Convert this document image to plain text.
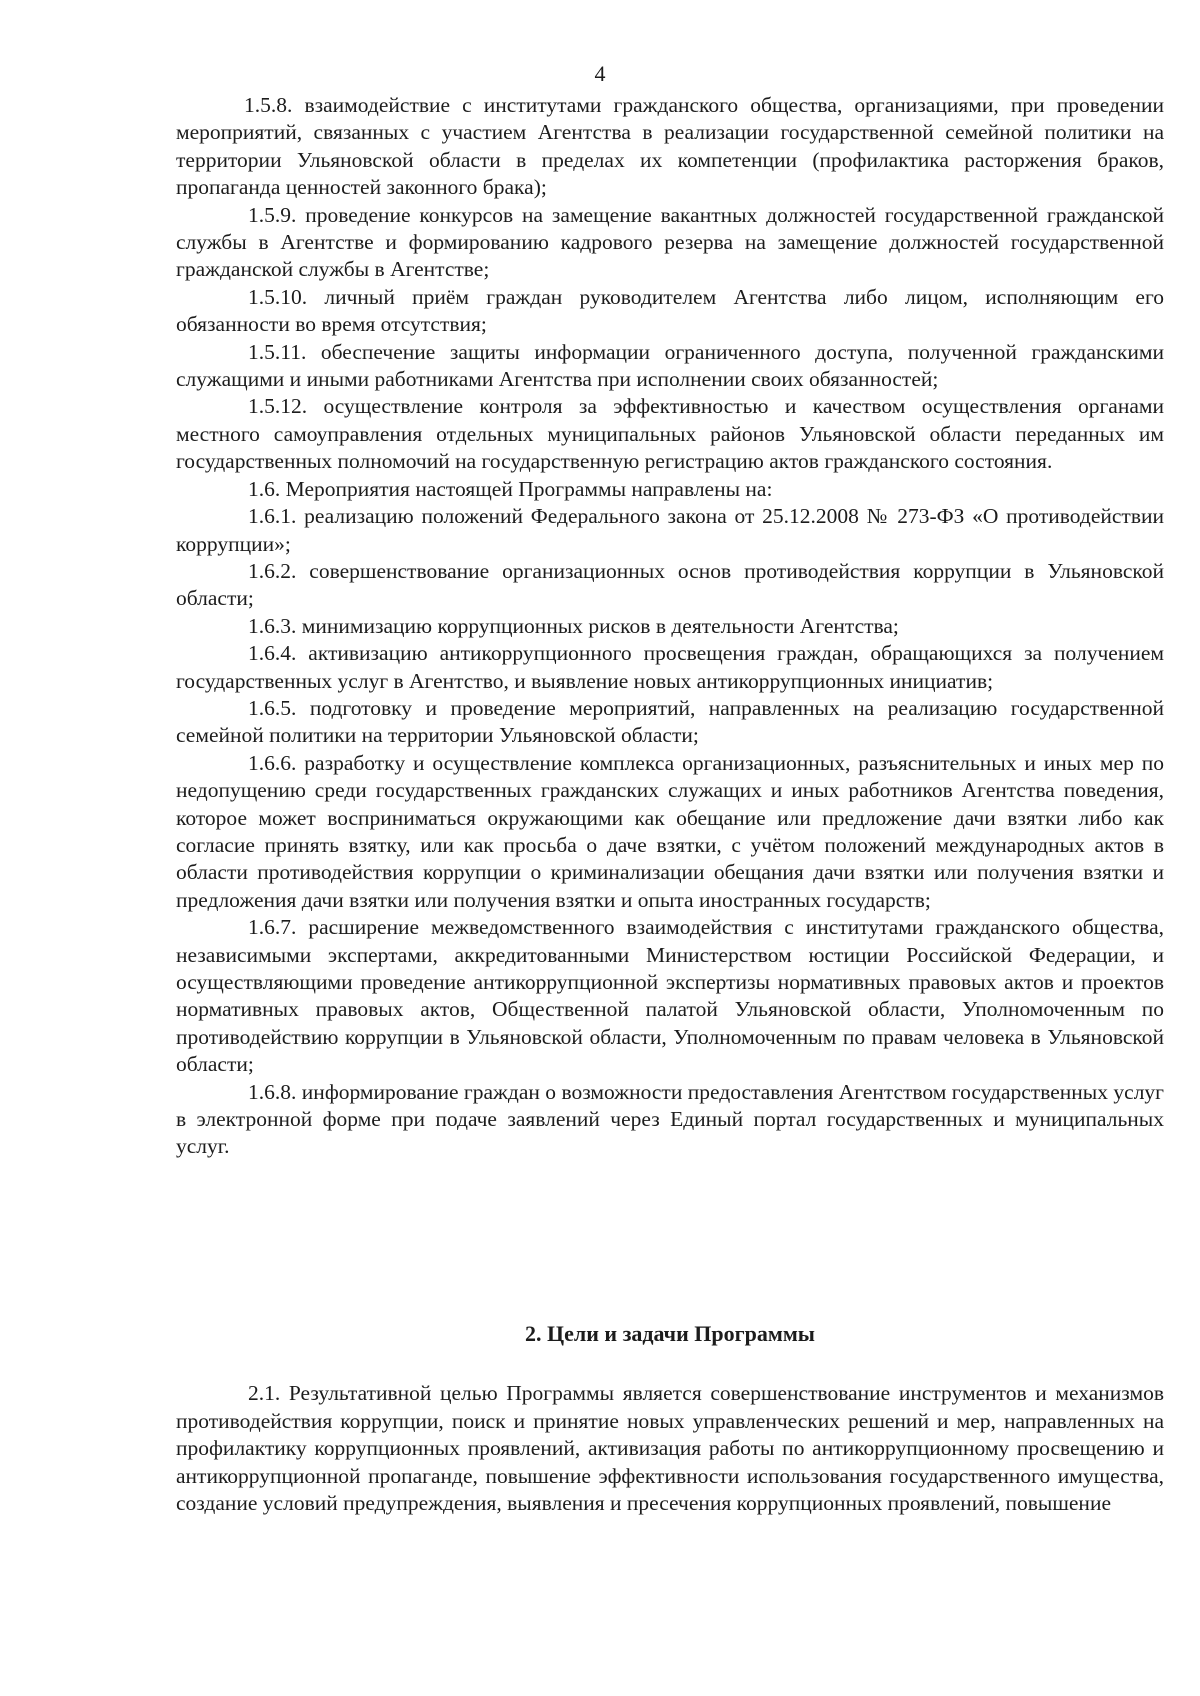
4

1.5.8. взаимодействие с институтами гражданского общества, организациями, при проведении мероприятий, связанных с участием Агентства в реализации государственной семейной политики на территории Ульяновской области в пределах их компетенции (профилактика расторжения браков, пропаганда ценностей законного брака);

1.5.9. проведение конкурсов на замещение вакантных должностей государственной гражданской службы в Агентстве и формированию кадрового резерва на замещение должностей государственной гражданской службы в Агентстве;

1.5.10. личный приём граждан руководителем Агентства либо лицом, исполняющим его обязанности во время отсутствия;

1.5.11. обеспечение защиты информации ограниченного доступа, полученной гражданскими служащими и иными работниками Агентства при исполнении своих обязанностей;

1.5.12. осуществление контроля за эффективностью и качеством осуществления органами местного самоуправления отдельных муниципальных районов Ульяновской области переданных им государственных полномочий на государственную регистрацию актов гражданского состояния.

1.6. Мероприятия настоящей Программы направлены на:

1.6.1. реализацию положений Федерального закона от 25.12.2008 № 273-ФЗ «О противодействии коррупции»;

1.6.2. совершенствование организационных основ противодействия коррупции в Ульяновской области;

1.6.3. минимизацию коррупционных рисков в деятельности Агентства;

1.6.4. активизацию антикоррупционного просвещения граждан, обращающихся за получением государственных услуг в Агентство, и выявление новых антикоррупционных инициатив;

1.6.5. подготовку и проведение мероприятий, направленных на реализацию государственной семейной политики на территории Ульяновской области;

1.6.6. разработку и осуществление комплекса организационных, разъяснительных и иных мер по недопущению среди государственных гражданских служащих и иных работников Агентства поведения, которое может восприниматься окружающими как обещание или предложение дачи взятки либо как согласие принять взятку, или как просьба о даче взятки, с учётом положений международных актов в области противодействия коррупции о криминализации обещания дачи взятки или получения взятки и предложения дачи взятки или получения взятки и опыта иностранных государств;

1.6.7. расширение межведомственного взаимодействия с институтами гражданского общества, независимыми экспертами, аккредитованными Министерством юстиции Российской Федерации, и осуществляющими проведение антикоррупционной экспертизы нормативных правовых актов и проектов нормативных правовых актов, Общественной палатой Ульяновской области, Уполномоченным по противодействию коррупции в Ульяновской области, Уполномоченным по правам человека в Ульяновской области;

1.6.8. информирование граждан о возможности предоставления Агентством государственных услуг в электронной форме при подаче заявлений через Единый портал государственных и муниципальных услуг.

2. Цели и задачи Программы

2.1. Результативной целью Программы является совершенствование инструментов и механизмов противодействия коррупции, поиск и принятие новых управленческих решений и мер, направленных на профилактику коррупционных проявлений, активизация работы по антикоррупционному просвещению и антикоррупционной пропаганде, повышение эффективности использования государственного имущества, создание условий предупреждения, выявления и пресечения коррупционных проявлений, повышение
